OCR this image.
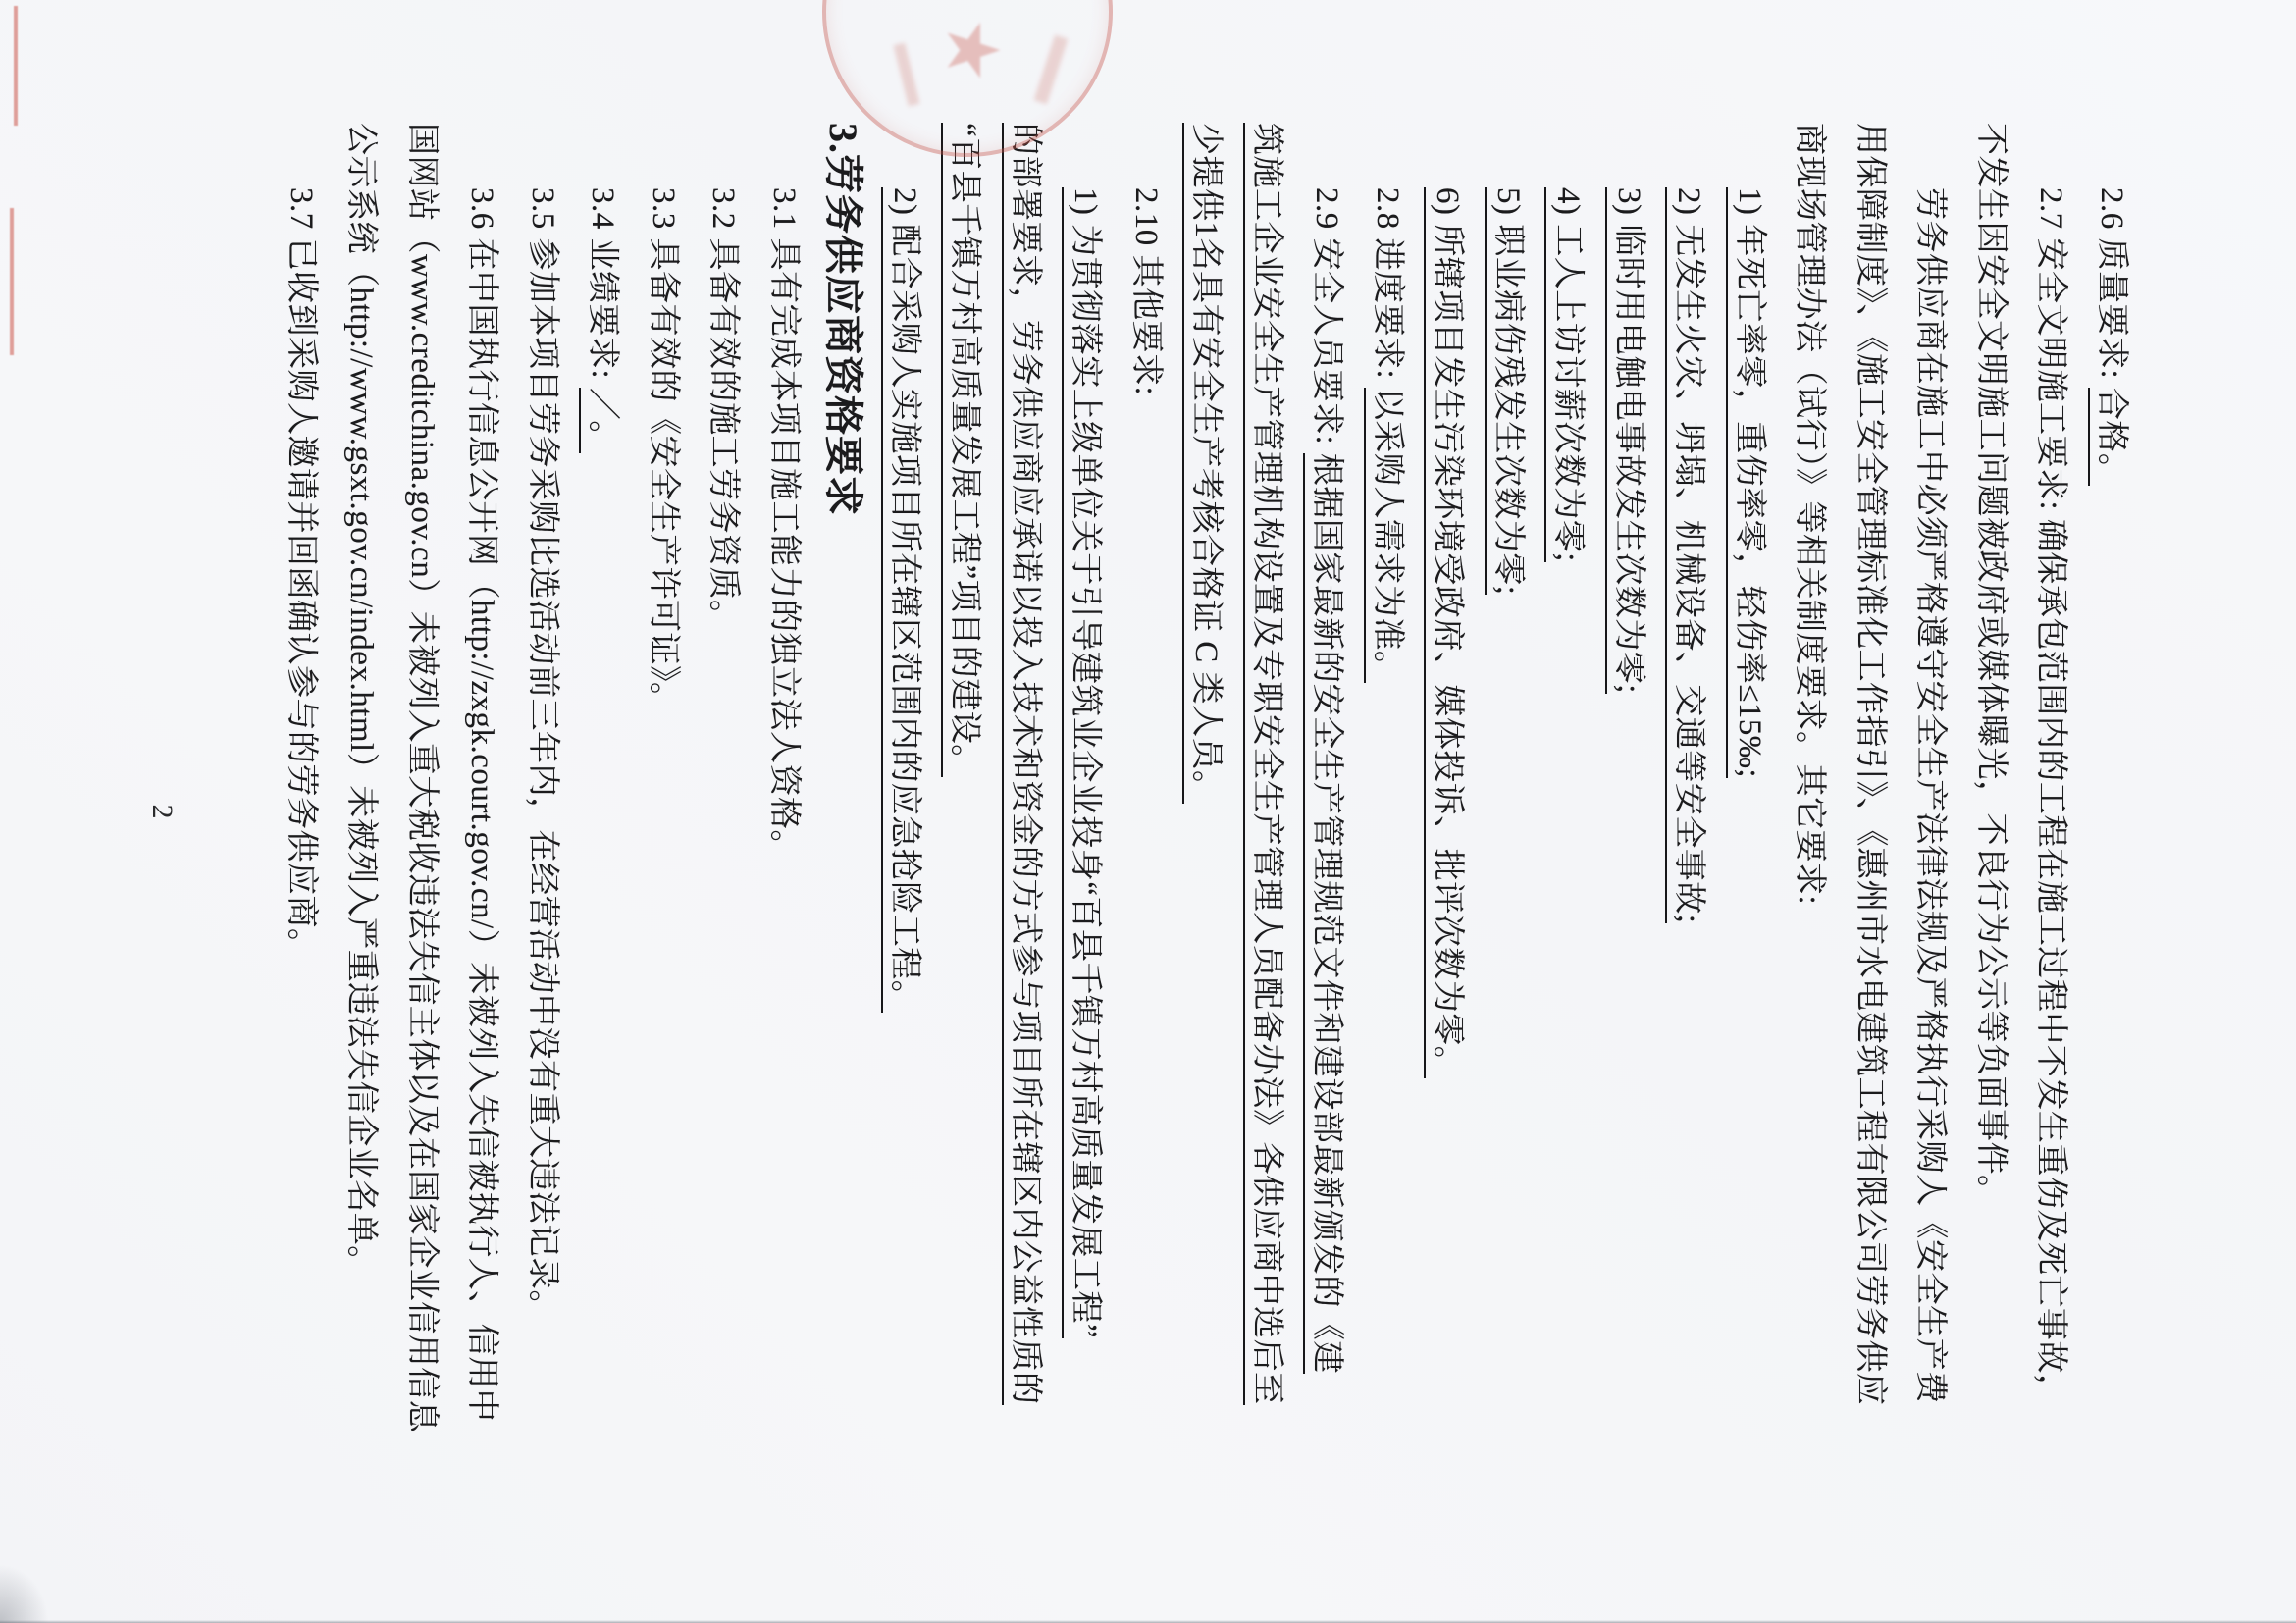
2.6 质量要求: 合格。
2.7 安全文明施工要求: 确保承包范围内的工程在施工过程中不发生重伤及死亡事故，
不发生因安全文明施工问题被政府或媒体曝光，不良行为公示等负面事件。
劳务供应商在施工中必须严格遵守安全生产法律法规及严格执行采购人《安全生产费
用保障制度》、《施工安全管理标准化工作指引》、《惠州市水电建筑工程有限公司劳务供应
商现场管理办法（试行）》等相关制度要求。其它要求:
1) 年死亡率零，重伤率零，轻伤率≤15‰;
2) 无发生火灾、坍塌、机械设备、交通等安全事故;
3) 临时用电触电事故发生次数为零;
4) 工人上访讨薪次数为零;
5) 职业病伤残发生次数为零;
6) 所辖项目发生污染环境受政府、媒体投诉、批评次数为零。
2.8 进度要求: 以采购人需求为准。
2.9 安全人员要求: 根据国家最新的安全生产管理规范文件和建设部最新颁发的《建
筑施工企业安全生产管理机构设置及专职安全生产管理人员配备办法》各供应商中选后至
少提供1名具有安全生产考核合格证 C 类人员。
2.10 其他要求:
1) 为贯彻落实上级单位关于引导建筑业企业投身“百县千镇万村高质量发展工程”
的部署要求，劳务供应商应承诺以投入技术和资金的方式参与项目所在辖区内公益性质的
“百县千镇万村高质量发展工程”项目的建设。
2) 配合采购人实施项目所在辖区范围内的应急抢险工程。
3.劳务供应商资格要求
3.1 具有完成本项目施工能力的独立法人资格。
3.2 具备有效的施工劳务资质。
3.3 具备有效的《安全生产许可证》。
3.4 业绩要求: ／。
3.5 参加本项目劳务采购比选活动前三年内，在经营活动中没有重大违法记录。
3.6 在中国执行信息公开网（http://zxgk.court.gov.cn/）未被列入失信被执行人、信用中
国网站（www.creditchina.gov.cn）未被列入重大税收违法失信主体以及在国家企业信用信息
公示系统（http://www.gsxt.gov.cn/index.html）未被列入严重违法失信企业名单。
3.7 已收到采购人邀请并回函确认参与的劳务供应商。
★
2
